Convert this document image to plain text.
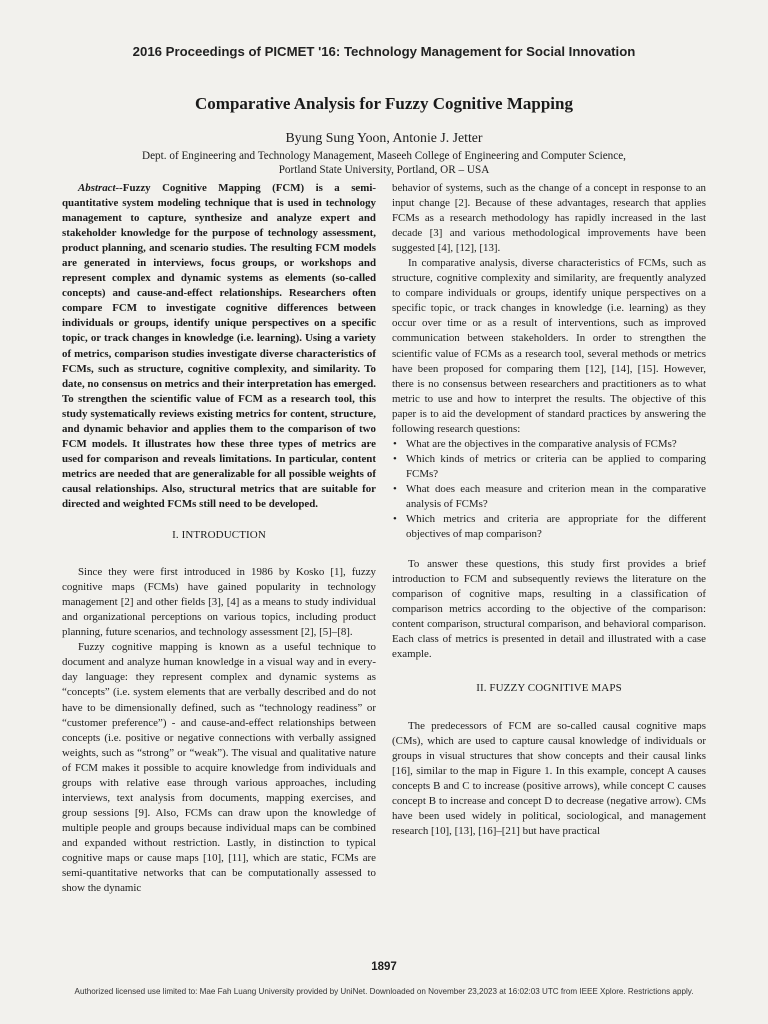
2016 Proceedings of PICMET '16: Technology Management for Social Innovation
Comparative Analysis for Fuzzy Cognitive Mapping
Byung Sung Yoon, Antonie J. Jetter
Dept. of Engineering and Technology Management, Maseeh College of Engineering and Computer Science,
Portland State University, Portland, OR – USA

Abstract--Fuzzy Cognitive Mapping (FCM) is a semi-quantitative system modeling technique that is used in technology management to capture, synthesize and analyze expert and stakeholder knowledge for the purpose of technology assessment, product planning, and scenario studies. The resulting FCM models are generated in interviews, focus groups, or workshops and represent complex and dynamic systems as elements (so-called concepts) and cause-and-effect relationships. Researchers often compare FCM to investigate cognitive differences between individuals or groups, identify unique perspectives on a specific topic, or track changes in knowledge (i.e. learning). Using a variety of metrics, comparison studies investigate diverse characteristics of FCMs, such as structure, cognitive complexity, and similarity. To date, no consensus on metrics and their interpretation has emerged. To strengthen the scientific value of FCM as a research tool, this study systematically reviews existing metrics for content, structure, and dynamic behavior and applies them to the comparison of two FCM models. It illustrates how these three types of metrics are used for comparison and reveals limitations. In particular, content metrics are needed that are generalizable for all possible weights of causal relationships. Also, structural metrics that are suitable for directed and weighted FCMs still need to be developed.

I. INTRODUCTION

Since they were first introduced in 1986 by Kosko [1], fuzzy cognitive maps (FCMs) have gained popularity in technology management [2] and other fields [3], [4] as a means to study individual and organizational perceptions on various topics, including product planning, future scenarios, and technology assessment [2], [5]–[8].

Fuzzy cognitive mapping is known as a useful technique to document and analyze human knowledge in a visual way and in every-day language: they represent complex and dynamic systems as “concepts” (i.e. system elements that are verbally described and do not have to be dimensionally defined, such as “technology readiness” or “customer preference”) - and cause-and-effect relationships between concepts (i.e. positive or negative connections with verbally assigned weights, such as “strong” or “weak”). The visual and qualitative nature of FCM makes it possible to acquire knowledge from individuals and groups with relative ease through various approaches, including interviews, text analysis from documents, mapping exercises, and group sessions [9]. Also, FCMs can draw upon the knowledge of multiple people and groups because individual maps can be combined and expanded without restriction. Lastly, in distinction to typical cognitive maps or cause maps [10], [11], which are static, FCMs are semi-quantitative networks that can be computationally assessed to show the dynamic

behavior of systems, such as the change of a concept in response to an input change [2]. Because of these advantages, research that applies FCMs as a research methodology has rapidly increased in the last decade [3] and various methodological improvements have been suggested [4], [12], [13].

In comparative analysis, diverse characteristics of FCMs, such as structure, cognitive complexity and similarity, are frequently analyzed to compare individuals or groups, identify unique perspectives on a specific topic, or track changes in knowledge (i.e. learning) as they occur over time or as a result of interventions, such as improved communication between stakeholders. In order to strengthen the scientific value of FCMs as a research tool, several methods or metrics have been proposed for comparing them [12], [14], [15]. However, there is no consensus between researchers and practitioners as to what metric to use and how to interpret the results. The objective of this paper is to aid the development of standard practices by answering the following research questions:

• What are the objectives in the comparative analysis of FCMs?

• Which kinds of metrics or criteria can be applied to comparing FCMs?

• What does each measure and criterion mean in the comparative analysis of FCMs?

• Which metrics and criteria are appropriate for the different objectives of map comparison?

To answer these questions, this study first provides a brief introduction to FCM and subsequently reviews the literature on the comparison of cognitive maps, resulting in a classification of comparison metrics according to the objective of the comparison: content comparison, structural comparison, and behavioral comparison. Each class of metrics is presented in detail and illustrated with a case example.

II. FUZZY COGNITIVE MAPS

The predecessors of FCM are so-called causal cognitive maps (CMs), which are used to capture causal knowledge of individuals or groups in visual structures that show concepts and their causal links [16], similar to the map in Figure 1. In this example, concept A causes concepts B and C to increase (positive arrows), while concept C causes concept B to increase and concept D to decrease (negative arrow). CMs have been used widely in political, sociological, and management research [10], [13], [16]–[21] but have practical

1897
Authorized licensed use limited to: Mae Fah Luang University provided by UniNet. Downloaded on November 23,2023 at 16:02:03 UTC from IEEE Xplore. Restrictions apply.
